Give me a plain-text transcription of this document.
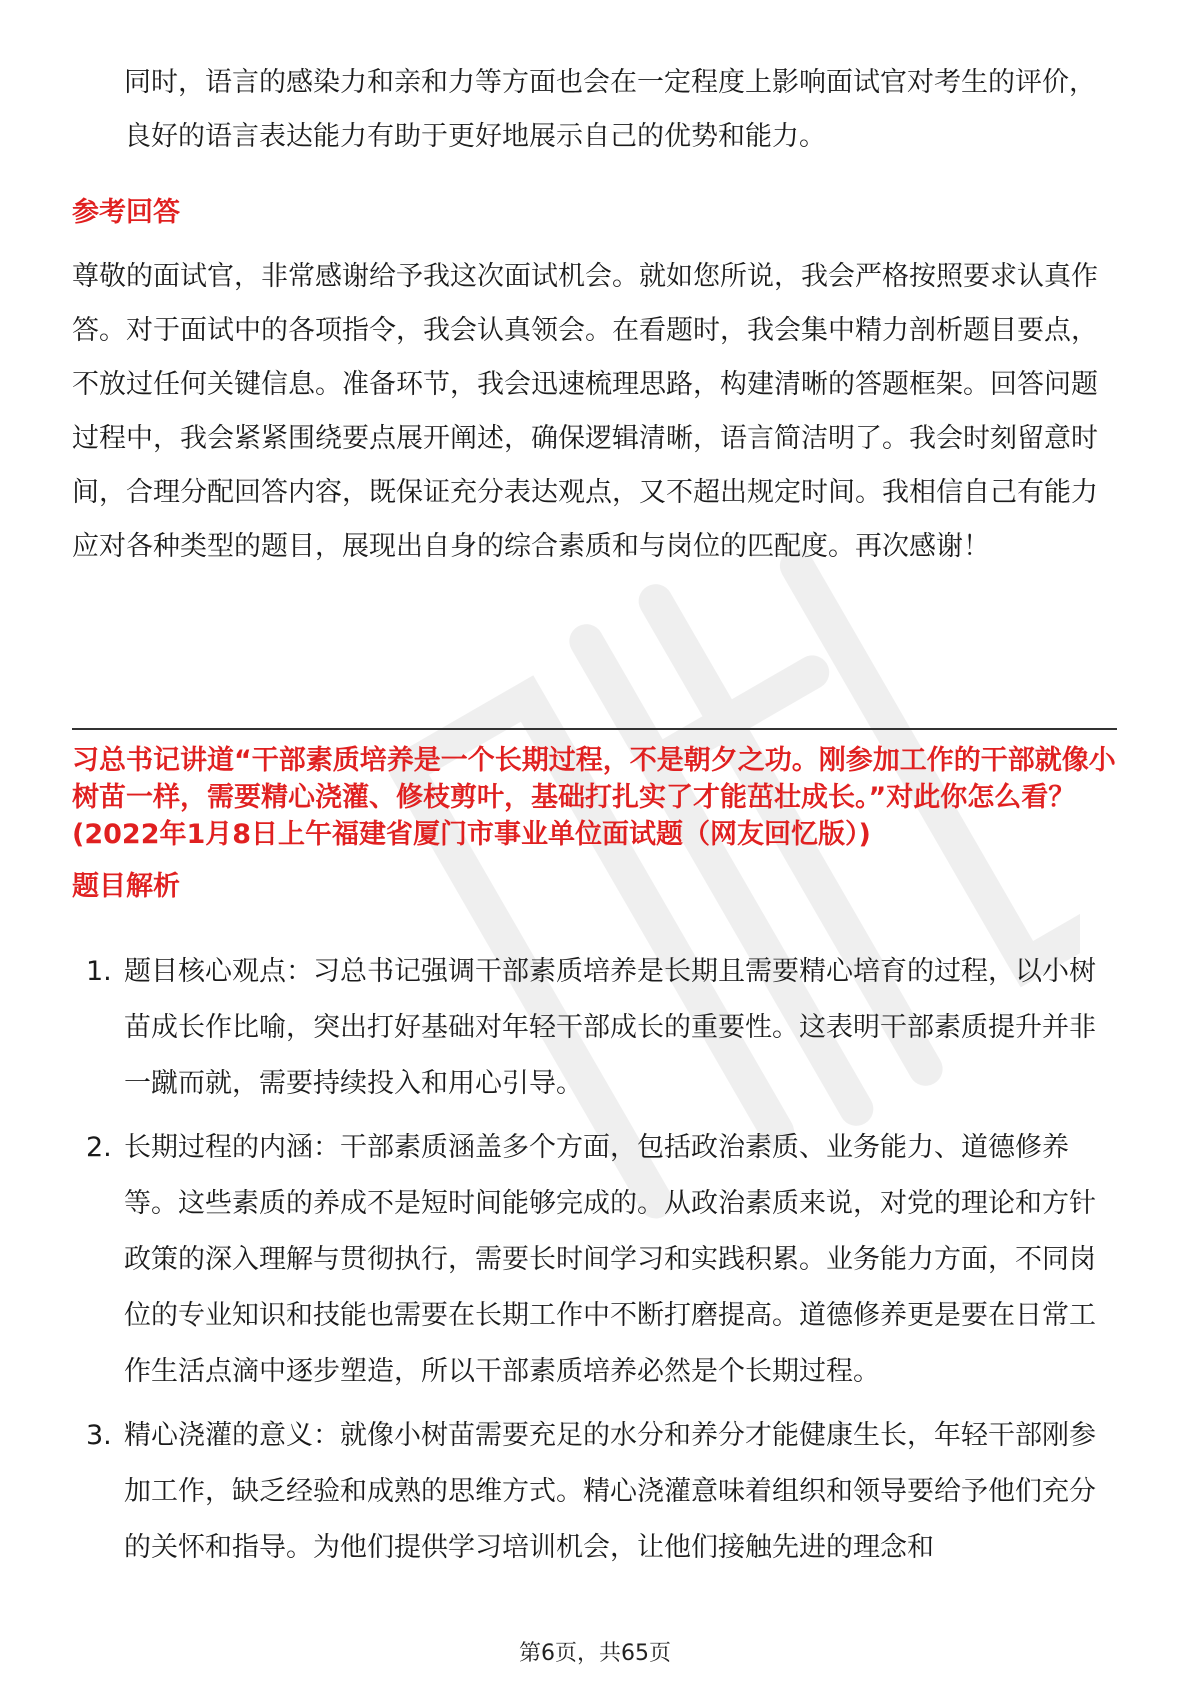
同时，语言的感染力和亲和力等方面也会在一定程度上影响面试官对考生的评价，良好的语言表达能力有助于更好地展示自己的优势和能力。

参考回答

尊敬的面试官，非常感谢给予我这次面试机会。就如您所说，我会严格按照要求认真作答。对于面试中的各项指令，我会认真领会。在看题时，我会集中精力剖析题目要点，不放过任何关键信息。准备环节，我会迅速梳理思路，构建清晰的答题框架。回答问题过程中，我会紧紧围绕要点展开阐述，确保逻辑清晰，语言简洁明了。我会时刻留意时间，合理分配回答内容，既保证充分表达观点，又不超出规定时间。我相信自己有能力应对各种类型的题目，展现出自身的综合素质和与岗位的匹配度。再次感谢！

习总书记讲道“干部素质培养是一个长期过程，不是朝夕之功。刚参加工作的干部就像小树苗一样，需要精心浇灌、修枝剪叶，基础打扎实了才能茁壮成长。”对此你怎么看？(2022年1月8日上午福建省厦门市事业单位面试题（网友回忆版）)

题目解析
1. 题目核心观点：习总书记强调干部素质培养是长期且需要精心培育的过程，以小树苗成长作比喻，突出打好基础对年轻干部成长的重要性。这表明干部素质提升并非一蹴而就，需要持续投入和用心引导。
2. 长期过程的内涵：干部素质涵盖多个方面，包括政治素质、业务能力、道德修养等。这些素质的养成不是短时间能够完成的。从政治素质来说，对党的理论和方针政策的深入理解与贯彻执行，需要长时间学习和实践积累。业务能力方面，不同岗位的专业知识和技能也需要在长期工作中不断打磨提高。道德修养更是要在日常工作生活点滴中逐步塑造，所以干部素质培养必然是个长期过程。
3. 精心浇灌的意义：就像小树苗需要充足的水分和养分才能健康生长，年轻干部刚参加工作，缺乏经验和成熟的思维方式。精心浇灌意味着组织和领导要给予他们充分的关怀和指导。为他们提供学习培训机会，让他们接触先进的理念和
第6页，共65页
